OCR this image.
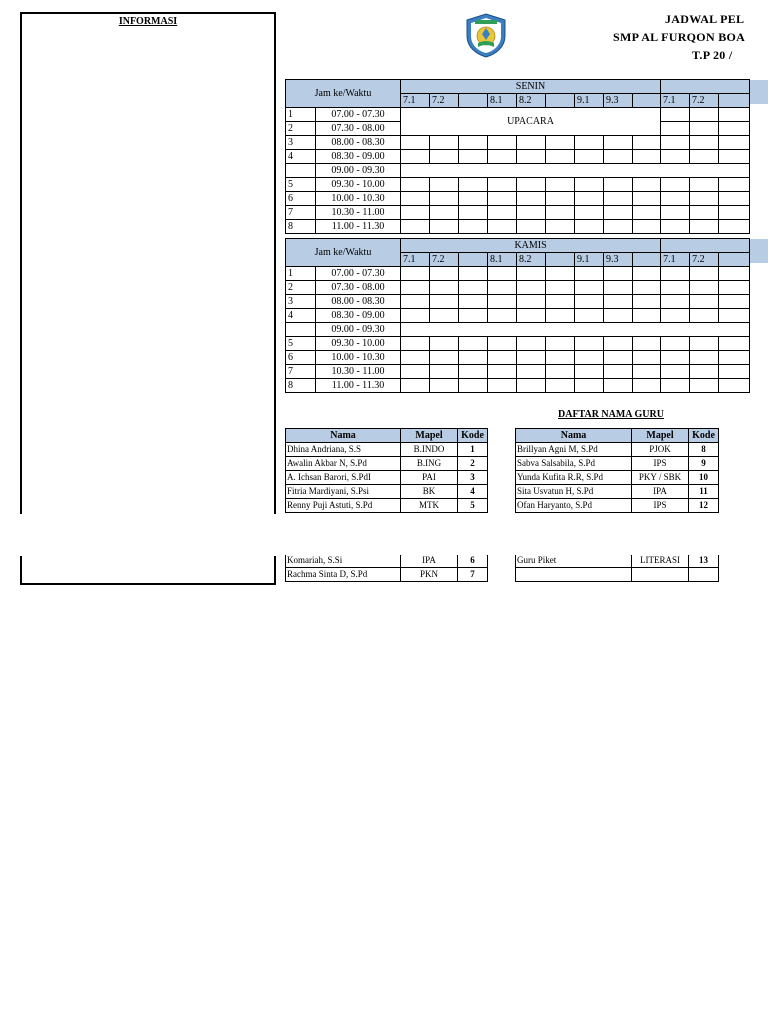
INFORMASI	JADWAL PEL
SMP AL FURQON BOA
T.P 20 /
Jam ke/Waktu		SENIN											
		7.1	7.2		8.1	8.2		9.1	9.3		7.1	7.2	
1	07.00 - 07.30	UPACARA											
2	07.30 - 08.00												
3	08.00 - 08.30												
4	08.30 - 09.00												
	09.00 - 09.30												
5	09.30 - 10.00												
6	10.00 - 10.30												
7	10.30 - 11.00												
8	11.00 - 11.30												
Jam ke/Waktu		KAMIS											
		7.1	7.2		8.1	8.2		9.1	9.3		7.1	7.2	
1	07.00 - 07.30												
2	07.30 - 08.00												
3	08.00 - 08.30												
4	08.30 - 09.00												
	09.00 - 09.30												
5	09.30 - 10.00												
6	10.00 - 10.30												
7	10.30 - 11.00												
8	11.00 - 11.30												
DAFTAR NAMA GURU
Nama	Mapel	Kode
Dhina Andriana, S.S	B.INDO	1
Awalin Akbar N, S.Pd	B.ING	2
A. Ichsan Barori, S.PdI	PAI	3
Fitria Mardiyani, S.Psi	BK	4
Renny Puji Astuti, S.Pd	MTK	5

Komariah, S.Si	IPA	6
Rachma Sinta D, S.Pd	PKN	7
Nama	Mapel	Kode
Brillyan Agni M, S.Pd	PJOK	8
Sabva Salsabila, S.Pd	IPS	9
Yunda Kufita R.R, S.Pd	PKY / SBK	10
Sita Usvatun H, S.Pd	IPA	11
Ofan Haryanto, S.Pd	IPS	12

Guru Piket	LITERASI	13
